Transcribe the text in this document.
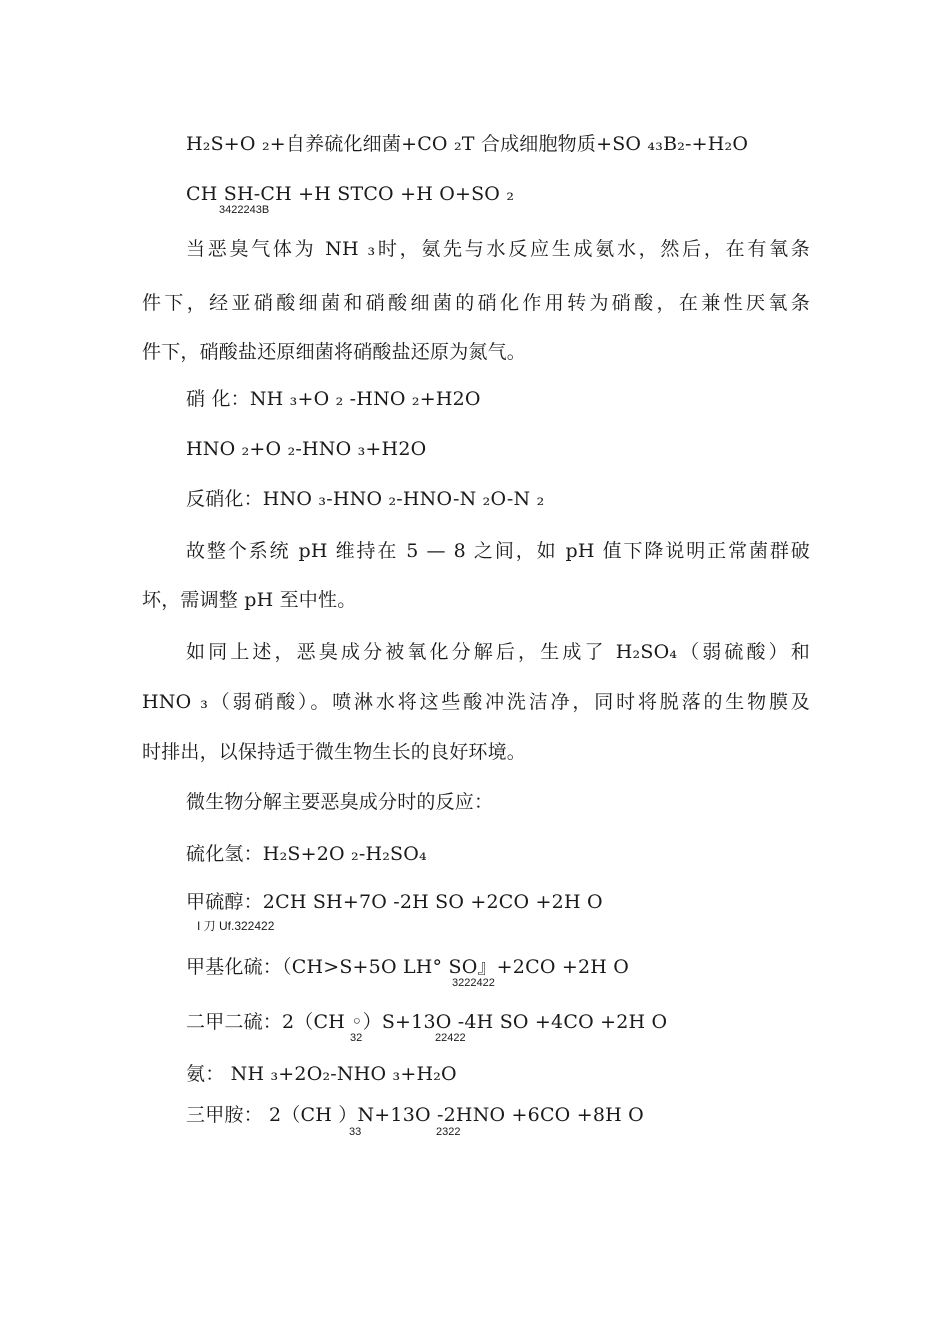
H₂S+O ₂+自养硫化细菌+CO ₂T 合成细胞物质+SO ₄₃B₂-+H₂O
CH SH-CH +H STCO +H O+SO ₂
3422243B
当恶臭气体为 NH ₃时，氨先与水反应生成氨水，然后，在有氧条
件下，经亚硝酸细菌和硝酸细菌的硝化作用转为硝酸，在兼性厌氧条
件下，硝酸盐还原细菌将硝酸盐还原为氮气。
硝 化：NH ₃+O ₂ -HNO ₂+H2O
HNO ₂+O ₂-HNO ₃+H2O
反硝化：HNO ₃-HNO ₂-HNO-N ₂O-N ₂
故整个系统 pH 维持在 5 — 8 之间，如 pH 值下降说明正常菌群破
坏，需调整 pH 至中性。
如同上述，恶臭成分被氧化分解后，生成了 H₂SO₄（弱硫酸）和
HNO ₃（弱硝酸）。喷淋水将这些酸冲洗洁净，同时将脱落的生物膜及
时排出，以保持适于微生物生长的良好环境。
微生物分解主要恶臭成分时的反应：
硫化氢：H₂S+2O ₂-H₂SO₄
甲硫醇：2CH SH+7O -2H SO +2CO +2H O
I 刀 Uf.322422
甲基化硫：（CH>S+5O LH° SO』+2CO +2H O
3222422
二甲二硫：2（CH ◦）S+13O -4H SO +4CO +2H O
32	22422
氨： NH ₃+2O₂-NHO ₃+H₂O
三甲胺： 2（CH ）N+13O -2HNO +6CO +8H O
33	2322
